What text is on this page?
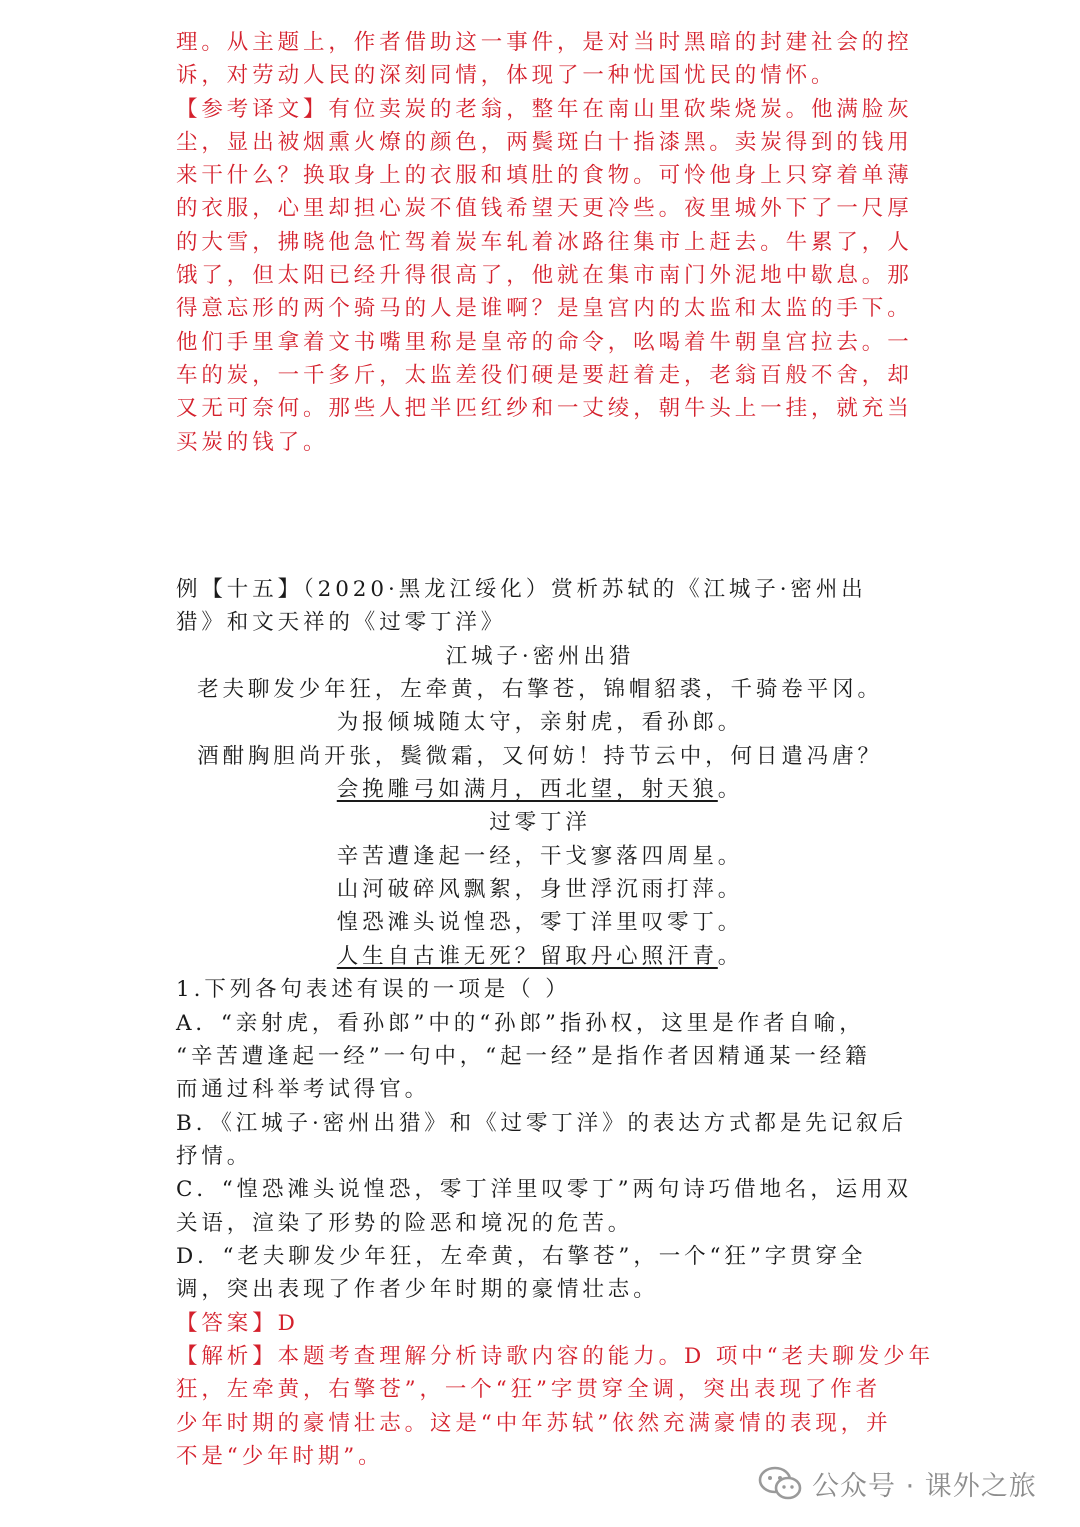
理。从主题上，作者借助这一事件，是对当时黑暗的封建社会的控
诉，对劳动人民的深刻同情，体现了一种忧国忧民的情怀。
【参考译文】有位卖炭的老翁，整年在南山里砍柴烧炭。他满脸灰
尘，显出被烟熏火燎的颜色，两鬓斑白十指漆黑。卖炭得到的钱用
来干什么？换取身上的衣服和填肚的食物。可怜他身上只穿着单薄
的衣服，心里却担心炭不值钱希望天更冷些。夜里城外下了一尺厚
的大雪，拂晓他急忙驾着炭车轧着冰路往集市上赶去。牛累了，人
饿了，但太阳已经升得很高了，他就在集市南门外泥地中歇息。那
得意忘形的两个骑马的人是谁啊？是皇宫内的太监和太监的手下。
他们手里拿着文书嘴里称是皇帝的命令，吆喝着牛朝皇宫拉去。一
车的炭，一千多斤，太监差役们硬是要赶着走，老翁百般不舍，却
又无可奈何。那些人把半匹红纱和一丈绫，朝牛头上一挂，就充当
买炭的钱了。
例【十五】（2020·黑龙江绥化）赏析苏轼的《江城子·密州出
猎》和文天祥的《过零丁洋》
江城子·密州出猎
老夫聊发少年狂，左牵黄，右擎苍，锦帽貂裘，千骑卷平冈。
为报倾城随太守，亲射虎，看孙郎。
酒酣胸胆尚开张，鬓微霜，又何妨！持节云中，何日遣冯唐？
会挽雕弓如满月，西北望，射天狼。
过零丁洋
辛苦遭逢起一经，干戈寥落四周星。
山河破碎风飘絮，身世浮沉雨打萍。
惶恐滩头说惶恐，零丁洋里叹零丁。
人生自古谁无死？留取丹心照汗青。
1.下列各句表述有误的一项是（ ）
A．“亲射虎，看孙郎”中的“孙郎”指孙权，这里是作者自喻，
“辛苦遭逢起一经”一句中，“起一经”是指作者因精通某一经籍
而通过科举考试得官。
B．《江城子·密州出猎》和《过零丁洋》的表达方式都是先记叙后
抒情。
C．“惶恐滩头说惶恐，零丁洋里叹零丁”两句诗巧借地名，运用双
关语，渲染了形势的险恶和境况的危苦。
D．“老夫聊发少年狂，左牵黄，右擎苍”，一个“狂”字贯穿全
调，突出表现了作者少年时期的豪情壮志。
【答案】D
【解析】本题考查理解分析诗歌内容的能力。D 项中“老夫聊发少年
狂，左牵黄，右擎苍”，一个“狂”字贯穿全调，突出表现了作者
少年时期的豪情壮志。这是“中年苏轼”依然充满豪情的表现，并
不是“少年时期”。
公众号 · 课外之旅
